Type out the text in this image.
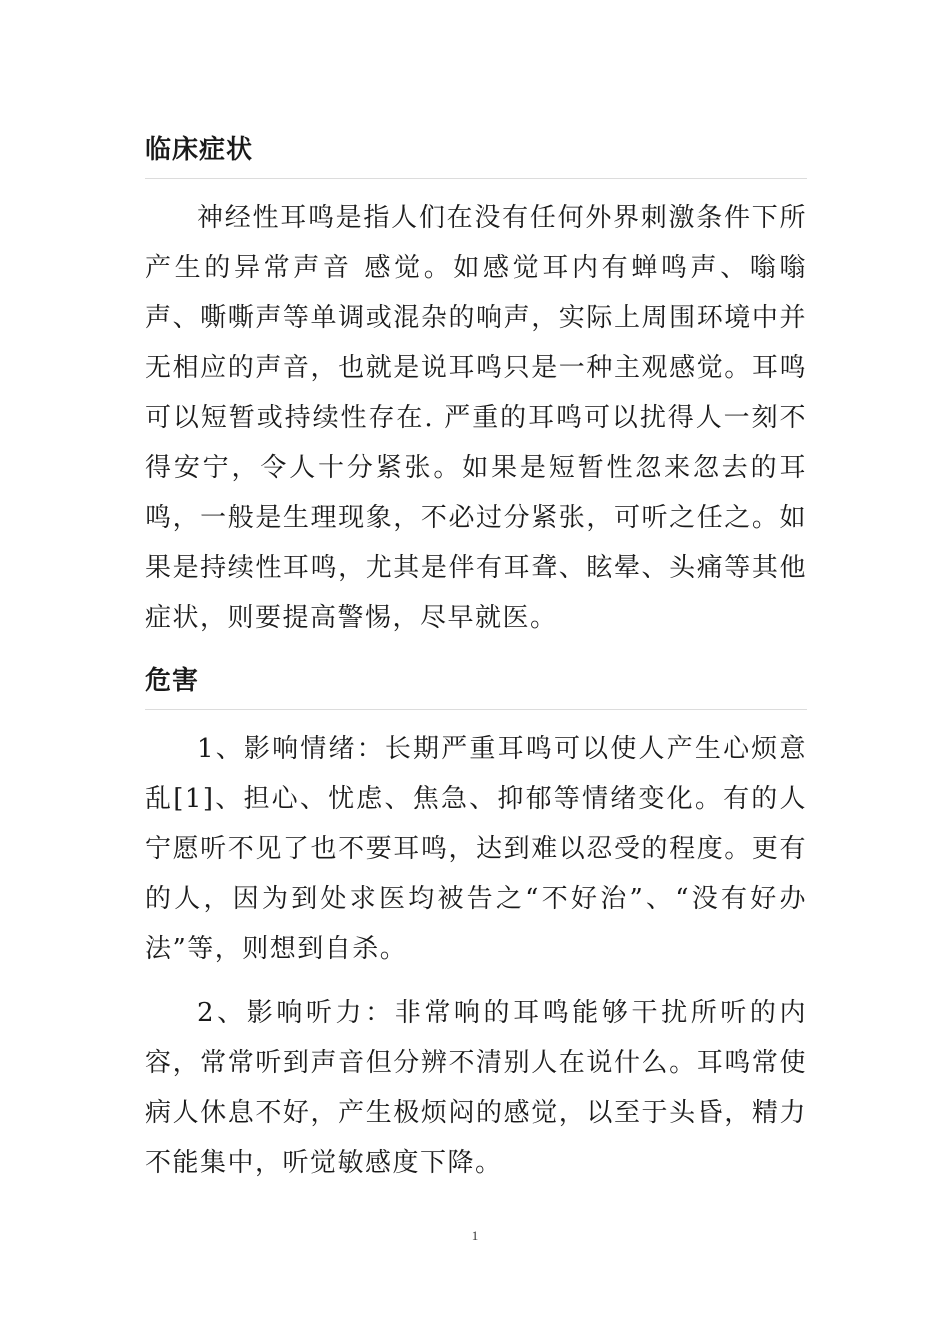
临床症状

神经性耳鸣是指人们在没有任何外界刺激条件下所产生的异常声音 感觉。如感觉耳内有蝉鸣声、嗡嗡声、嘶嘶声等单调或混杂的响声，实际上周围环境中并无相应的声音，也就是说耳鸣只是一种主观感觉。耳鸣可以短暂或持续性存在. 严重的耳鸣可以扰得人一刻不得安宁，令人十分紧张。如果是短暂性忽来忽去的耳鸣，一般是生理现象，不必过分紧张，可听之任之。如果是持续性耳鸣，尤其是伴有耳聋、眩晕、头痛等其他症状，则要提高警惕，尽早就医。

危害

1、影响情绪：长期严重耳鸣可以使人产生心烦意乱[1]、担心、忧虑、焦急、抑郁等情绪变化。有的人宁愿听不见了也不要耳鸣，达到难以忍受的程度。更有的人，因为到处求医均被告之“不好治”、“没有好办法”等，则想到自杀。

2、影响听力：非常响的耳鸣能够干扰所听的内容，常常听到声音但分辨不清别人在说什么。耳鸣常使病人休息不好，产生极烦闷的感觉，以至于头昏，精力不能集中，听觉敏感度下降。

1
